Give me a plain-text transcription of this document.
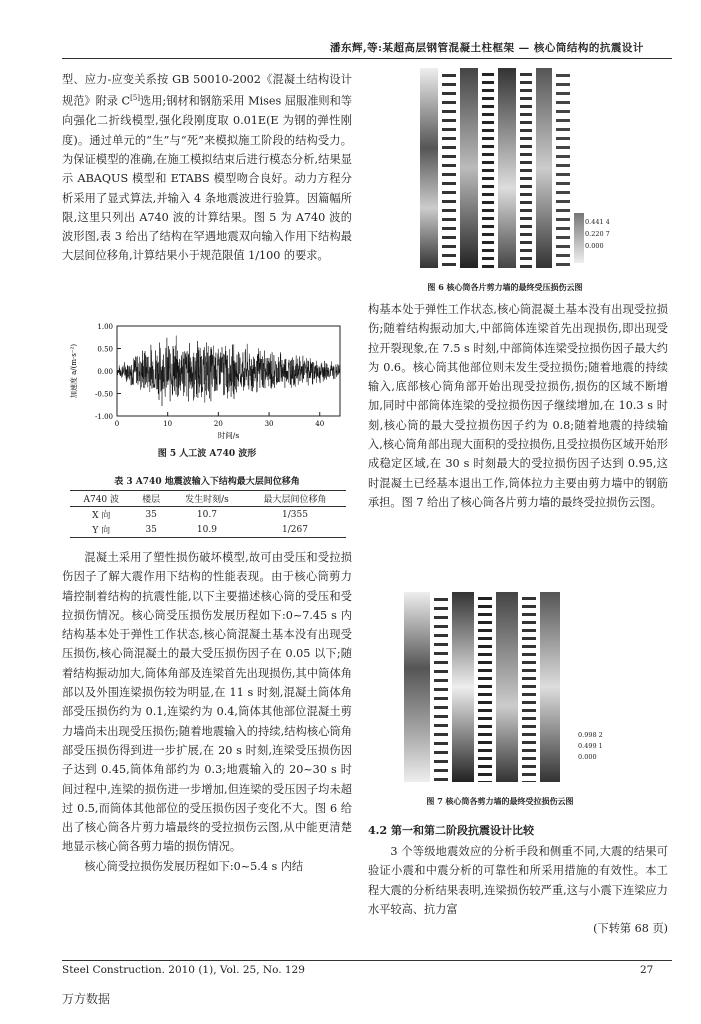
潘东辉,等:某超高层钢管混凝土柱框架 — 核心筒结构的抗震设计

型、应力-应变关系按 GB 50010-2002《混凝土结构设计规范》附录 C[5]选用;钢材和钢筋采用 Mises 屈服准则和等向强化二折线模型,强化段刚度取 0.01E(E 为钢的弹性刚度)。通过单元的“生”与“死”来模拟施工阶段的结构受力。为保证模型的准确,在施工模拟结束后进行模态分析,结果显示 ABAQUS 模型和 ETABS 模型吻合良好。动力方程分析采用了显式算法,并输入 4 条地震波进行验算。因篇幅所限,这里只列出 A740 波的计算结果。图 5 为 A740 波的波形图,表 3 给出了结构在罕遇地震双向输入作用下结构最大层间位移角,计算结果小于规范限值 1/100 的要求。

1.00
0.50
0.00
-0.50
-1.00
0	10	20	30	40
时间/s
加速度 a/(m·s⁻²)
图 5 人工波 A740 波形
表 3 A740 地震波输入下结构最大层间位移角
A740 波	楼层	发生时刻/s	最大层间位移角
X 向	35	10.7	1/355
Y 向	35	10.9	1/267

混凝土采用了塑性损伤破坏模型,故可由受压和受拉损伤因子了解大震作用下结构的性能表现。由于核心筒剪力墙控制着结构的抗震性能,以下主要描述核心筒的受压和受拉损伤情况。核心筒受压损伤发展历程如下:0~7.45 s 内结构基本处于弹性工作状态,核心筒混凝土基本没有出现受压损伤,核心筒混凝土的最大受压损伤因子在 0.05 以下;随着结构振动加大,筒体角部及连梁首先出现损伤,其中筒体角部以及外围连梁损伤较为明显,在 11 s 时刻,混凝土筒体角部受压损伤约为 0.1,连梁约为 0.4,筒体其他部位混凝土剪力墙尚未出现受压损伤;随着地震输入的持续,结构核心筒角部受压损伤得到进一步扩展,在 20 s 时刻,连梁受压损伤因子达到 0.45,筒体角部约为 0.3;地震输入的 20~30 s 时间过程中,连梁的损伤进一步增加,但连梁的受压因子均未超过 0.5,而筒体其他部位的受压损伤因子变化不大。图 6 给出了核心筒各片剪力墙最终的受拉损伤云图,从中能更清楚地显示核心筒各剪力墙的损伤情况。

核心筒受拉损伤发展历程如下:0~5.4 s 内结

0.441 4
0.220 7
0.000
图 6 核心筒各片剪力墙的最终受压损伤云图

构基本处于弹性工作状态,核心筒混凝土基本没有出现受拉损伤;随着结构振动加大,中部筒体连梁首先出现损伤,即出现受拉开裂现象,在 7.5 s 时刻,中部筒体连梁受拉损伤因子最大约为 0.6。核心筒其他部位则未发生受拉损伤;随着地震的持续输入,底部核心筒角部开始出现受拉损伤,损伤的区域不断增加,同时中部筒体连梁的受拉损伤因子继续增加,在 10.3 s 时刻,核心筒的最大受拉损伤因子约为 0.8;随着地震的持续输入,核心筒角部出现大面积的受拉损伤,且受拉损伤区域开始形成稳定区域,在 30 s 时刻最大的受拉损伤因子达到 0.95,这时混凝土已经基本退出工作,筒体拉力主要由剪力墙中的钢筋承担。图 7 给出了核心筒各片剪力墙的最终受拉损伤云图。

0.998 2
0.499 1
0.000
图 7 核心筒各剪力墙的最终受拉损伤云图
4.2 第一和第二阶段抗震设计比较

3 个等级地震效应的分析手段和侧重不同,大震的结果可验证小震和中震分析的可靠性和所采用措施的有效性。本工程大震的分析结果表明,连梁损伤较严重,这与小震下连梁应力水平较高、抗力富

(下转第 68 页)

Steel Construction. 2010 (1), Vol. 25, No. 129	27
万方数据
